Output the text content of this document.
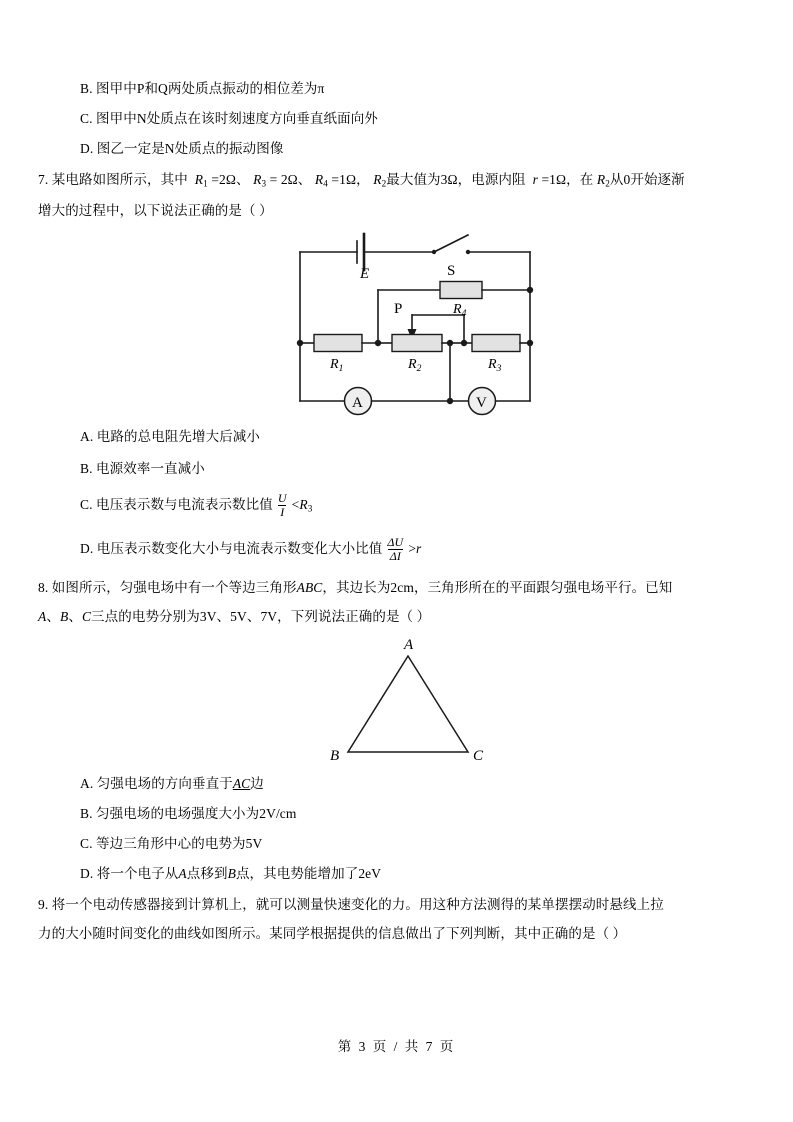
B. 图甲中P和Q两处质点振动的相位差为π
C. 图甲中N处质点在该时刻速度方向垂直纸面向外
D. 图乙一定是N处质点的振动图像
7. 某电路如图所示，其中 R1 =2Ω、 R3 = 2Ω、 R4 =1Ω， R2最大值为3Ω，电源内阻 r =1Ω，在 R2从0开始逐渐
增大的过程中，以下说法正确的是（ ）
E	S
$R_4$
P
$R_1$	$R_2$	$R_3$
A	V
A. 电路的总电阻先增大后减小
B. 电源效率一直减小
C. 电压表示数与电流表示数比值 $\frac{U}{I} <R3$
D. 电压表示数变化大小与电流表示数变化大小比值 $\frac{\Delta U}{\Delta I} >r$
8. 如图所示，匀强电场中有一个等边三角形ABC，其边长为2cm，三角形所在的平面跟匀强电场平行。已知
A、B、C三点的电势分别为3V、5V、7V，下列说法正确的是（ ）
A
B	C
A. 匀强电场的方向垂直于AC边
B. 匀强电场的电场强度大小为2V/cm
C. 等边三角形中心的电势为5V
D. 将一个电子从A点移到B点，其电势能增加了2eV
9. 将一个电动传感器接到计算机上，就可以测量快速变化的力。用这种方法测得的某单摆摆动时悬线上拉
力的大小随时间变化的曲线如图所示。某同学根据提供的信息做出了下列判断，其中正确的是（ ）
第 3 页 / 共 7 页
